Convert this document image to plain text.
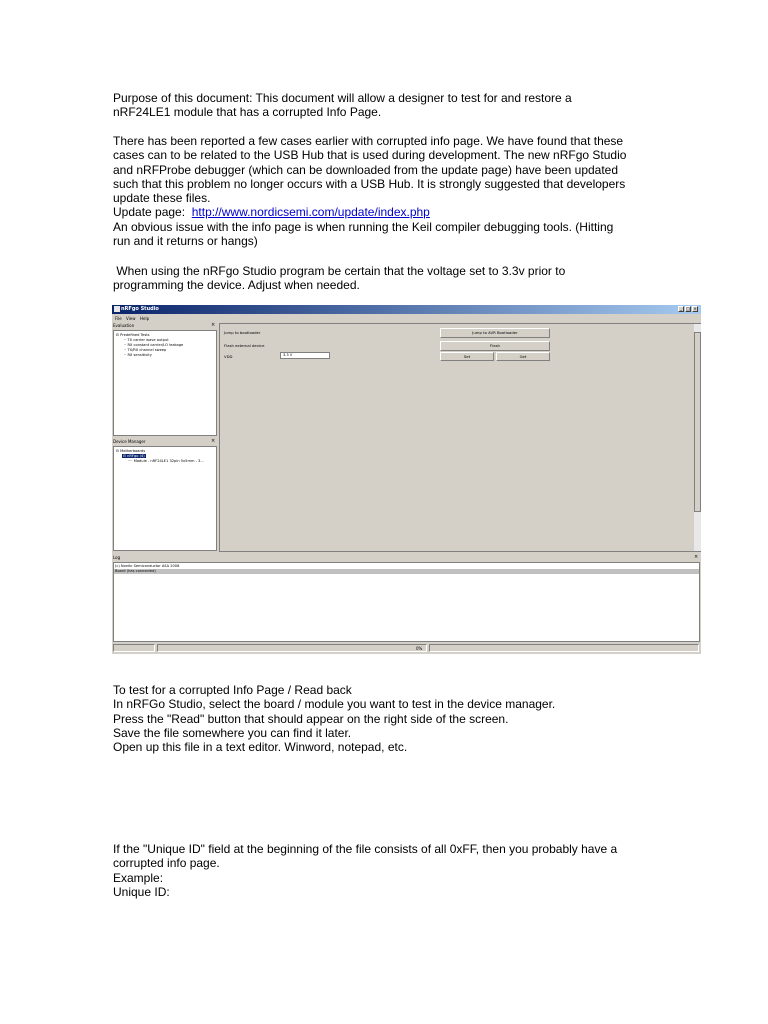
Purpose of this document: This document will allow a designer to test for and restore a
nRF24LE1 module that has a corrupted Info Page.

There has been reported a few cases earlier with corrupted info page. We have found that these
cases can to be related to the USB Hub that is used during development. The new nRFgo Studio
and nRFProbe debugger (which can be downloaded from the update page) have been updated
such that this problem no longer occurs with a USB Hub. It is strongly suggested that developers
update these files.
Update page: http://www.nordicsemi.com/update/index.php
An obvious issue with the info page is when running the Keil compiler debugging tools. (Hitting
run and it returns or hangs)

When using the nRFgo Studio program be certain that the voltage set to 3.3v prior to
programming the device. Adjust when needed.

nRFgo Studio	_	□ ×
File View Help
Evaluation	×
⊟ Predefined Tests
·· TX carrier wave output
·· RX constant carrier/LO leakage
·· TX/RX channel sweep
·· RX sensitivity
Device Manager	×
⊟ Motherboards
⊟ nRFgo (4)
···· Module - nRF24LE1 32pin 5x5mm - 3...
Jump to bootloader	Jump to AVR Bootloader
Flash external device	Flash
VDD	3.3 V	Set	Get
Log	×
(c) Nordic Semiconductor ASA 2008
Board (has connected)
0%

To test for a corrupted Info Page / Read back
In nRFGo Studio, select the board / module you want to test in the device manager.
Press the "Read" button that should appear on the right side of the screen.
Save the file somewhere you can find it later.
Open up this file in a text editor. Winword, notepad, etc.

If the "Unique ID" field at the beginning of the file consists of all 0xFF, then you probably have a
corrupted info page.
Example:
Unique ID:
